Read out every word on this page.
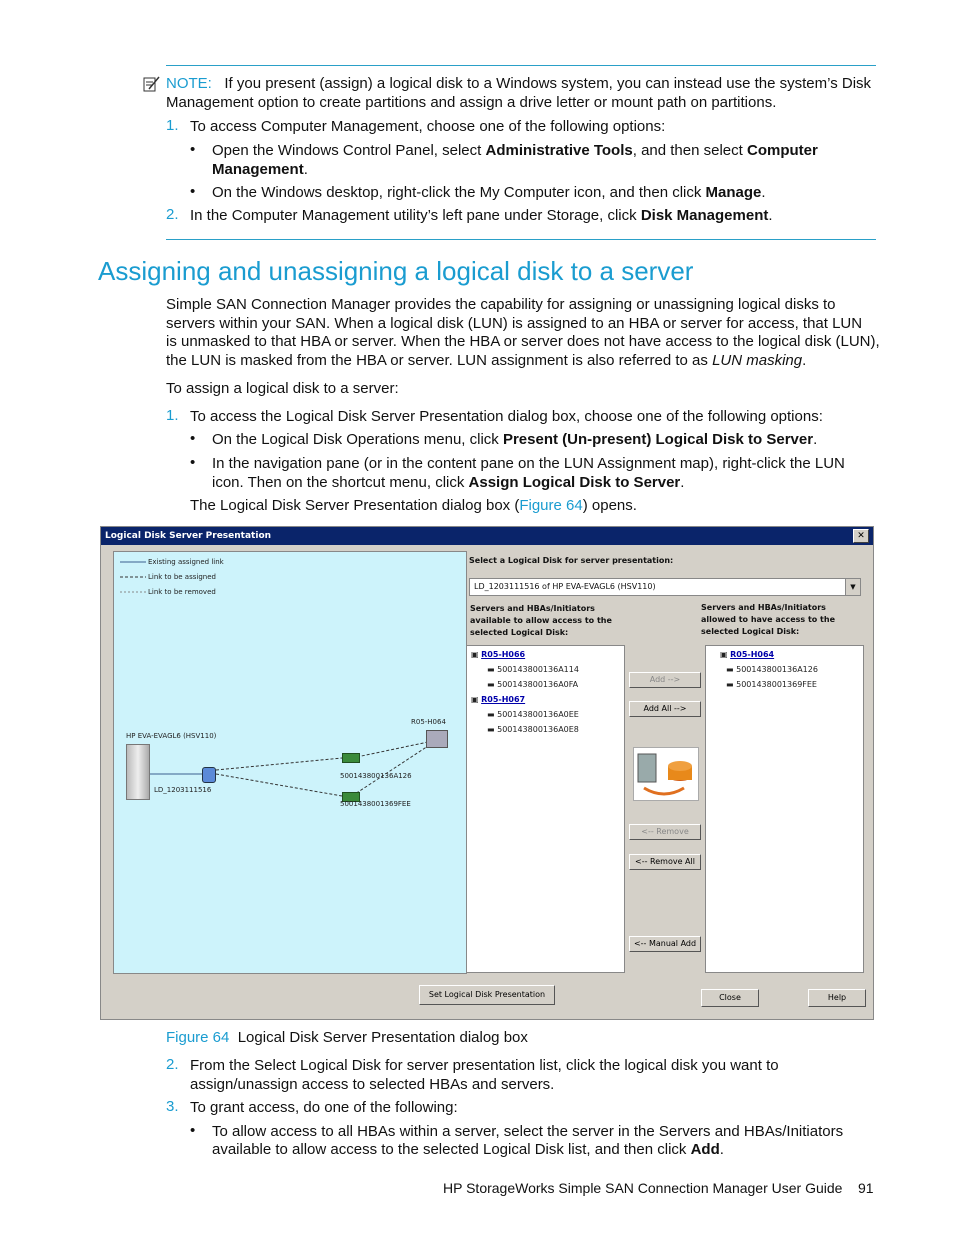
NOTE: If you present (assign) a logical disk to a Windows system, you can instead use the system’s Disk
Management option to create partitions and assign a drive letter or mount path on partitions.
1. To access Computer Management, choose one of the following options:
• Open the Windows Control Panel, select Administrative Tools, and then select Computer
Management.
• On the Windows desktop, right-click the My Computer icon, and then click Manage.
2. In the Computer Management utility’s left pane under Storage, click Disk Management.
Assigning and unassigning a logical disk to a server
Simple SAN Connection Manager provides the capability for assigning or unassigning logical disks to
servers within your SAN. When a logical disk (LUN) is assigned to an HBA or server for access, that LUN
is unmasked to that HBA or server. When the HBA or server does not have access to the logical disk (LUN),
the LUN is masked from the HBA or server. LUN assignment is also referred to as LUN masking.
To assign a logical disk to a server:
1. To access the Logical Disk Server Presentation dialog box, choose one of the following options:
• On the Logical Disk Operations menu, click Present (Un-present) Logical Disk to Server.
• In the navigation pane (or in the content pane on the LUN Assignment map), right-click the LUN
icon. Then on the shortcut menu, click Assign Logical Disk to Server.
The Logical Disk Server Presentation dialog box (Figure 64) opens.
Logical Disk Server Presentation	✕
Existing assigned link
Link to be assigned
Link to be removed
HP EVA-EVAGL6 (HSV110)
LD_1203111516
500143800136A126
5001438001369FEE
R05-H064
Select a Logical Disk for server presentation:
LD_1203111516 of HP EVA-EVAGL6 (HSV110)	▼
Servers and HBAs/Initiators
available to allow access to the
selected Logical Disk:
Servers and HBAs/Initiators
allowed to have access to the
selected Logical Disk:
▣ R05-H066
▬ 500143800136A114
▬ 500143800136A0FA
▣ R05-H067
▬ 500143800136A0EE
▬ 500143800136A0E8
Add -->
Add All -->
<-- Remove
<-- Remove All
<-- Manual Add
▣ R05-H064
▬ 500143800136A126
▬ 5001438001369FEE
Set Logical Disk Presentation	Close	Help
Figure 64 Logical Disk Server Presentation dialog box
2. From the Select Logical Disk for server presentation list, click the logical disk you want to
assign/unassign access to selected HBAs and servers.
3. To grant access, do one of the following:
• To allow access to all HBAs within a server, select the server in the Servers and HBAs/Initiators
available to allow access to the selected Logical Disk list, and then click Add.
HP StorageWorks Simple SAN Connection Manager User Guide 91
